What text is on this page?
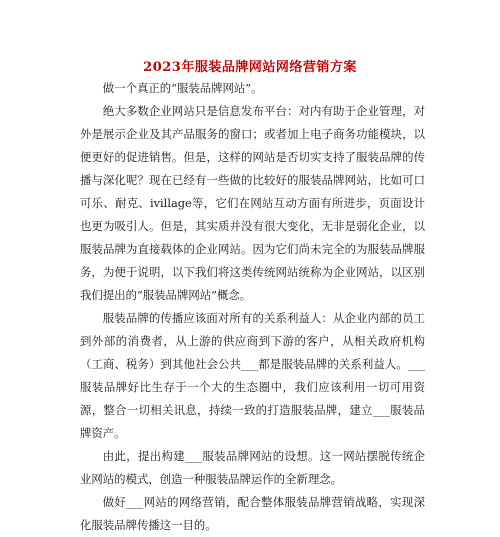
2023年服装品牌网站网络营销方案

做一个真正的“服装品牌网站”。

绝大多数企业网站只是信息发布平台：对内有助于企业管理，对外是展示企业及其产品服务的窗口；或者加上电子商务功能模块，以便更好的促进销售。但是，这样的网站是否切实支持了服装品牌的传播与深化呢？现在已经有一些做的比较好的服装品牌网站，比如可口可乐、耐克、ivillage等，它们在网站互动方面有所进步，页面设计也更为吸引人。但是，其实质并没有很大变化，无非是弱化企业，以服装品牌为直接载体的企业网站。因为它们尚未完全的为服装品牌服务，为便于说明，以下我们将这类传统网站统称为企业网站，以区别我们提出的“服装品牌网站”概念。

服装品牌的传播应该面对所有的关系利益人：从企业内部的员工到外部的消费者，从上游的供应商到下游的客户，从相关政府机构（工商、税务）到其他社会公共___都是服装品牌的关系利益人。___服装品牌好比生存于一个大的生态圈中，我们应该利用一切可用资源，整合一切相关讯息，持续一致的打造服装品牌，建立___服装品牌资产。

由此，提出构建___服装品牌网站的设想。这一网站摆脱传统企业网站的模式，创造一种服装品牌运作的全新理念。

做好___网站的网络营销，配合整体服装品牌营销战略，实现深化服装品牌传播这一目的。
